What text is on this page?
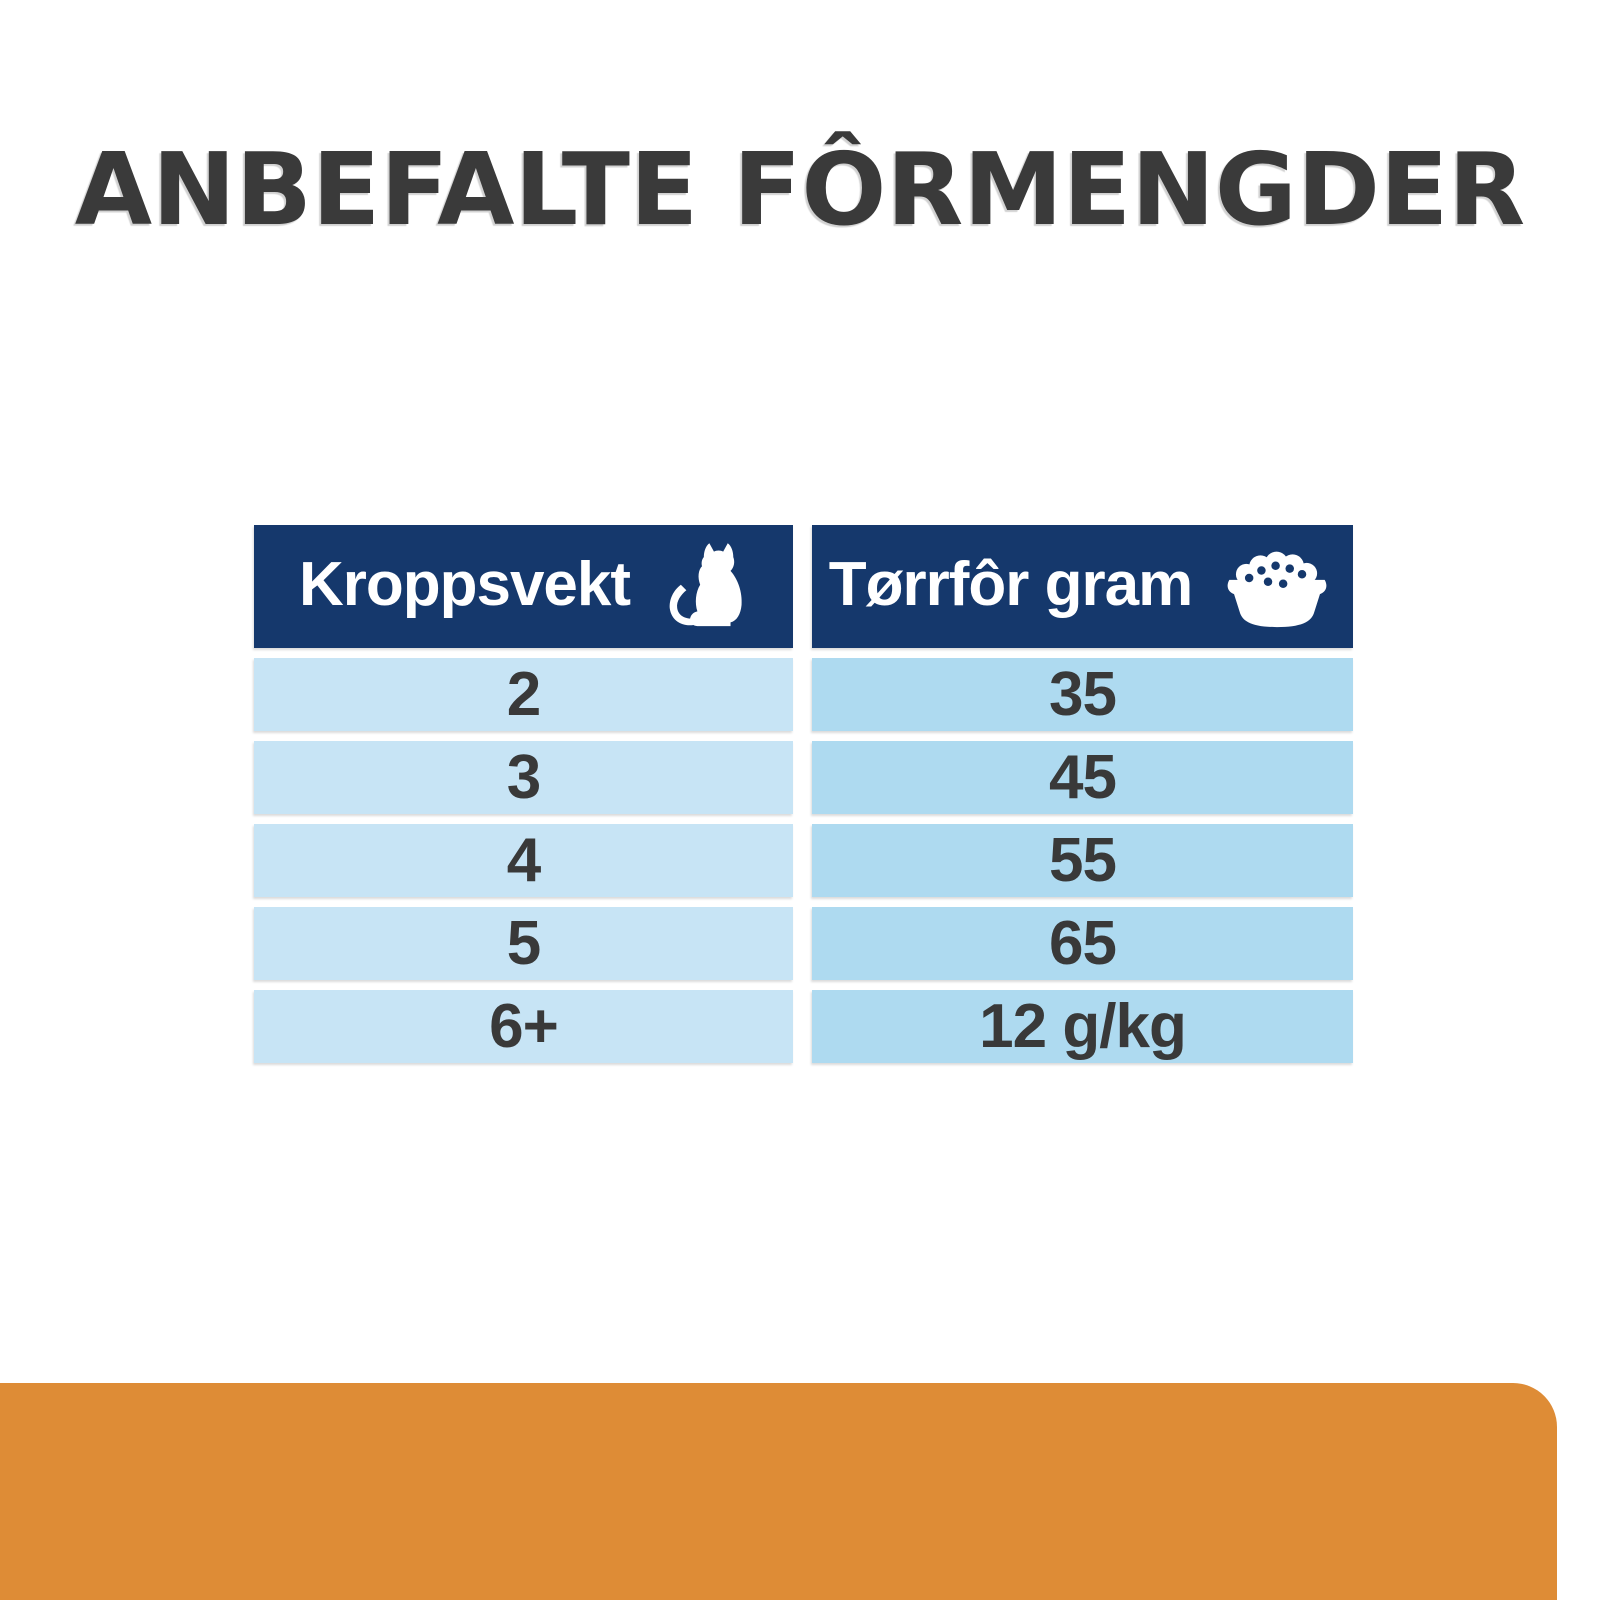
ANBEFALTE FÔRMENGDER
Kroppsvekt	Tørrfôr gram
2	35
3	45
4	55
5	65
6+	12 g/kg
